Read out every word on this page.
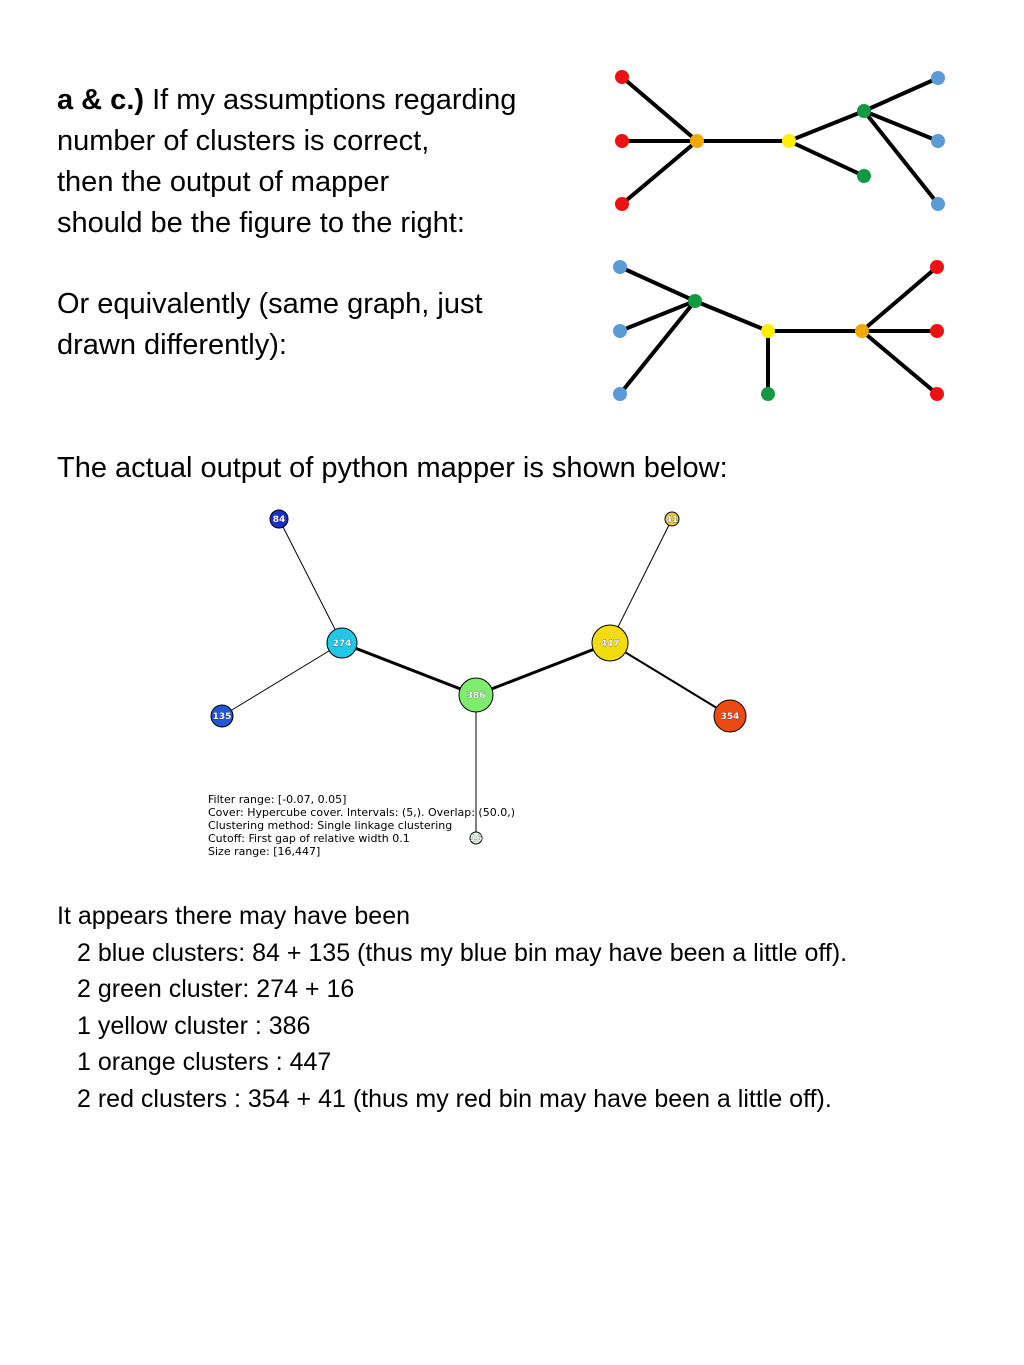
a & c.) If my assumptions regarding
number of clusters is correct,
then the output of mapper
should be the figure to the right:
Or equivalently (same graph, just
drawn differently):
The actual output of python mapper is shown below:
Filter range: [-0.07, 0.05]
Cover: Hypercube cover. Intervals: (5,). Overlap: (50.0,)
Clustering method: Single linkage clustering
Cutoff: First gap of relative width 0.1
Size range: [16,447]
84	41
274	447
386
135	354
16
It appears there may have been
2 blue clusters: 84 + 135 (thus my blue bin may have been a little off).
2 green cluster: 274 + 16
1 yellow cluster : 386
1 orange clusters : 447
2 red clusters : 354 + 41 (thus my red bin may have been a little off).
